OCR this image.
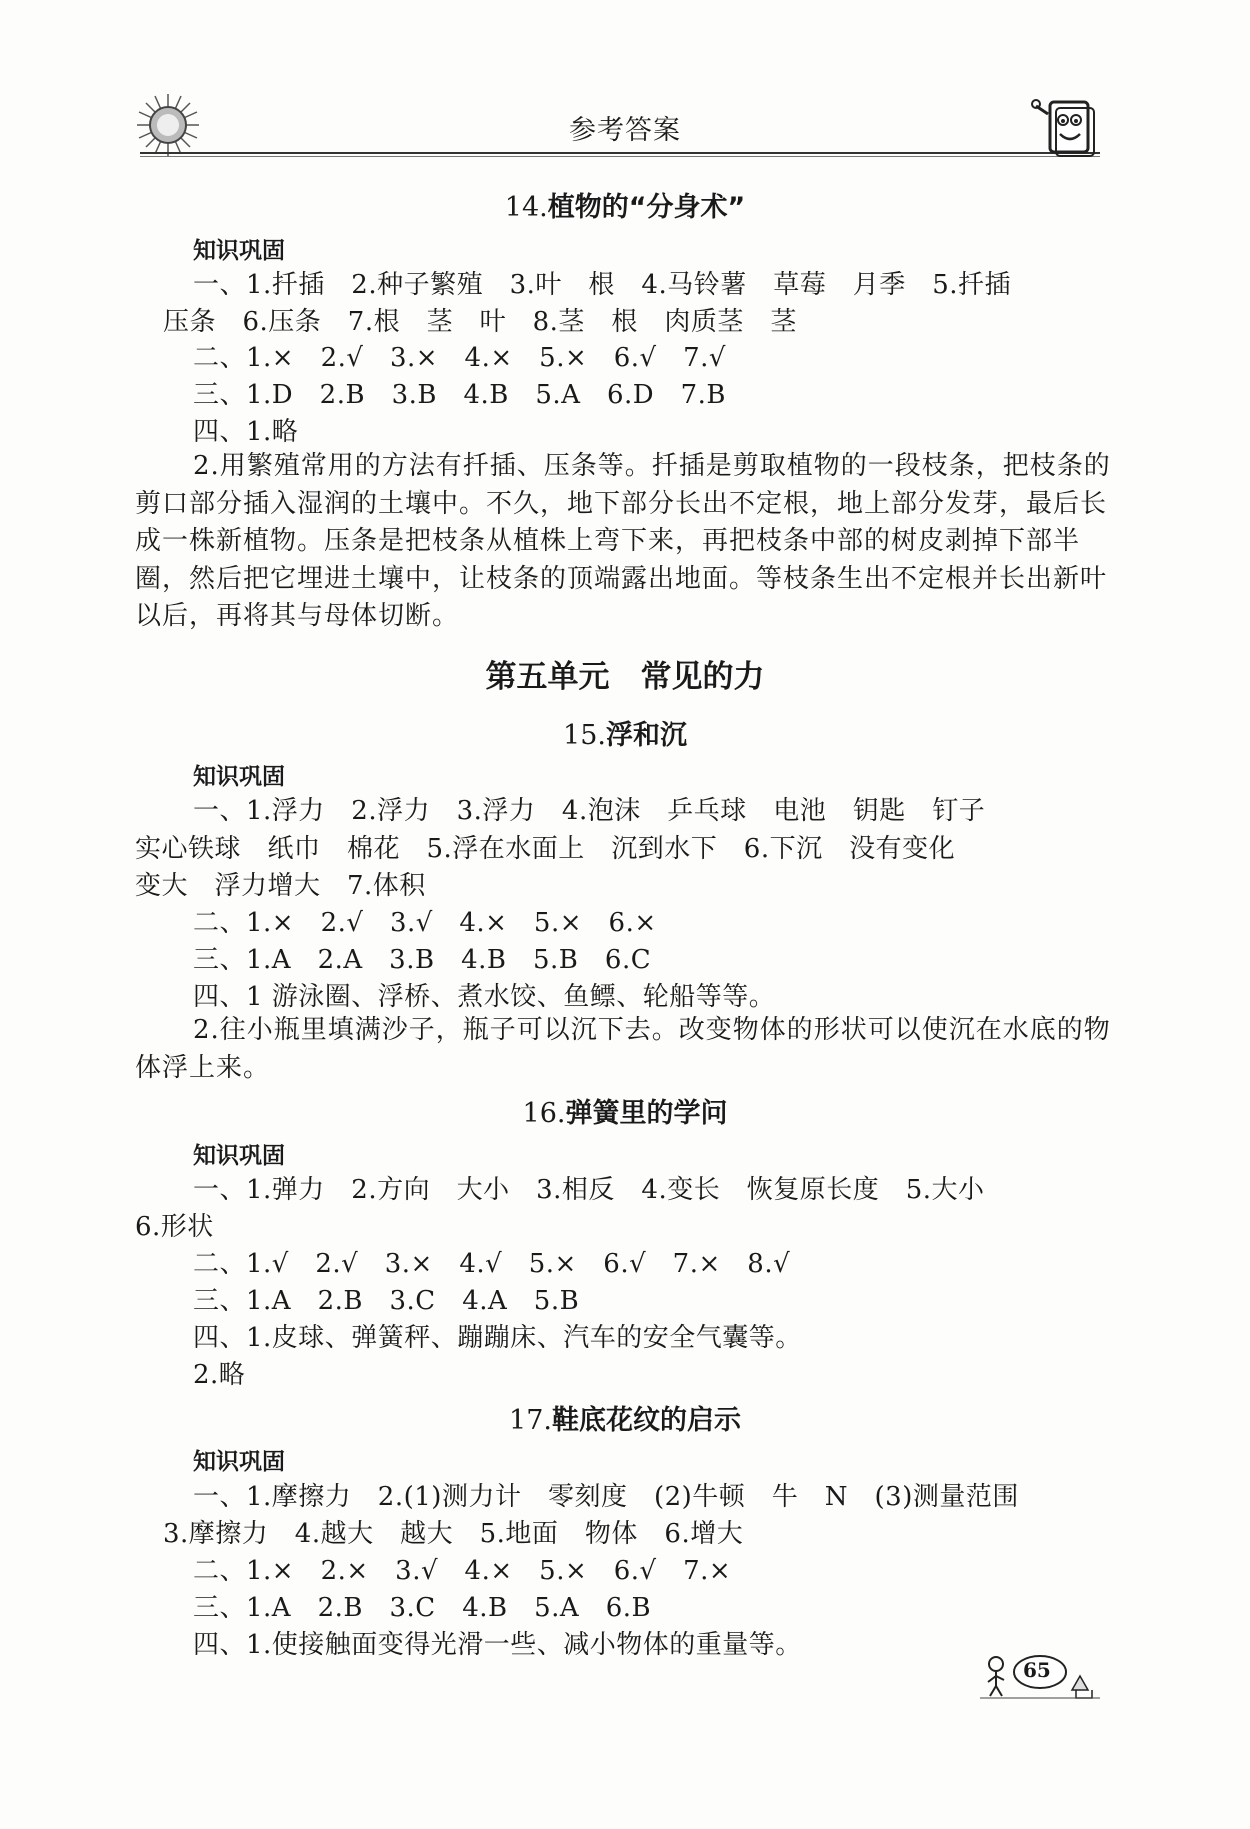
参考答案
14.植物的“分身术”
知识巩固
一、1.扦插　2.种子繁殖　3.叶　根　4.马铃薯　草莓　月季　5.扦插
压条　6.压条　7.根　茎　叶　8.茎　根　肉质茎　茎
二、1.×　2.√　3.×　4.×　5.×　6.√　7.√
三、1.D　2.B　3.B　4.B　5.A　6.D　7.B
四、1.略
2.用繁殖常用的方法有扦插、压条等。扦插是剪取植物的一段枝条，把枝条的剪口部分插入湿润的土壤中。不久，地下部分长出不定根，地上部分发芽，最后长成一株新植物。压条是把枝条从植株上弯下来，再把枝条中部的树皮剥掉下部半圈，然后把它埋进土壤中，让枝条的顶端露出地面。等枝条生出不定根并长出新叶以后，再将其与母体切断。
第五单元　常见的力
15.浮和沉
知识巩固
一、1.浮力　2.浮力　3.浮力　4.泡沫　乒乓球　电池　钥匙　钉子
实心铁球　纸巾　棉花　5.浮在水面上　沉到水下　6.下沉　没有变化
变大　浮力增大　7.体积
二、1.×　2.√　3.√　4.×　5.×　6.×
三、1.A　2.A　3.B　4.B　5.B　6.C
四、1 游泳圈、浮桥、煮水饺、鱼鳔、轮船等等。
2.往小瓶里填满沙子，瓶子可以沉下去。改变物体的形状可以使沉在水底的物体浮上来。
16.弹簧里的学问
知识巩固
一、1.弹力　2.方向　大小　3.相反　4.变长　恢复原长度　5.大小
6.形状
二、1.√　2.√　3.×　4.√　5.×　6.√　7.×　8.√
三、1.A　2.B　3.C　4.A　5.B
四、1.皮球、弹簧秤、蹦蹦床、汽车的安全气囊等。
2.略
17.鞋底花纹的启示
知识巩固
一、1.摩擦力　2.(1)测力计　零刻度　(2)牛顿　牛　N　(3)测量范围
3.摩擦力　4.越大　越大　5.地面　物体　6.增大
二、1.×　2.×　3.√　4.×　5.×　6.√　7.×
三、1.A　2.B　3.C　4.B　5.A　6.B
四、1.使接触面变得光滑一些、减小物体的重量等。
65
